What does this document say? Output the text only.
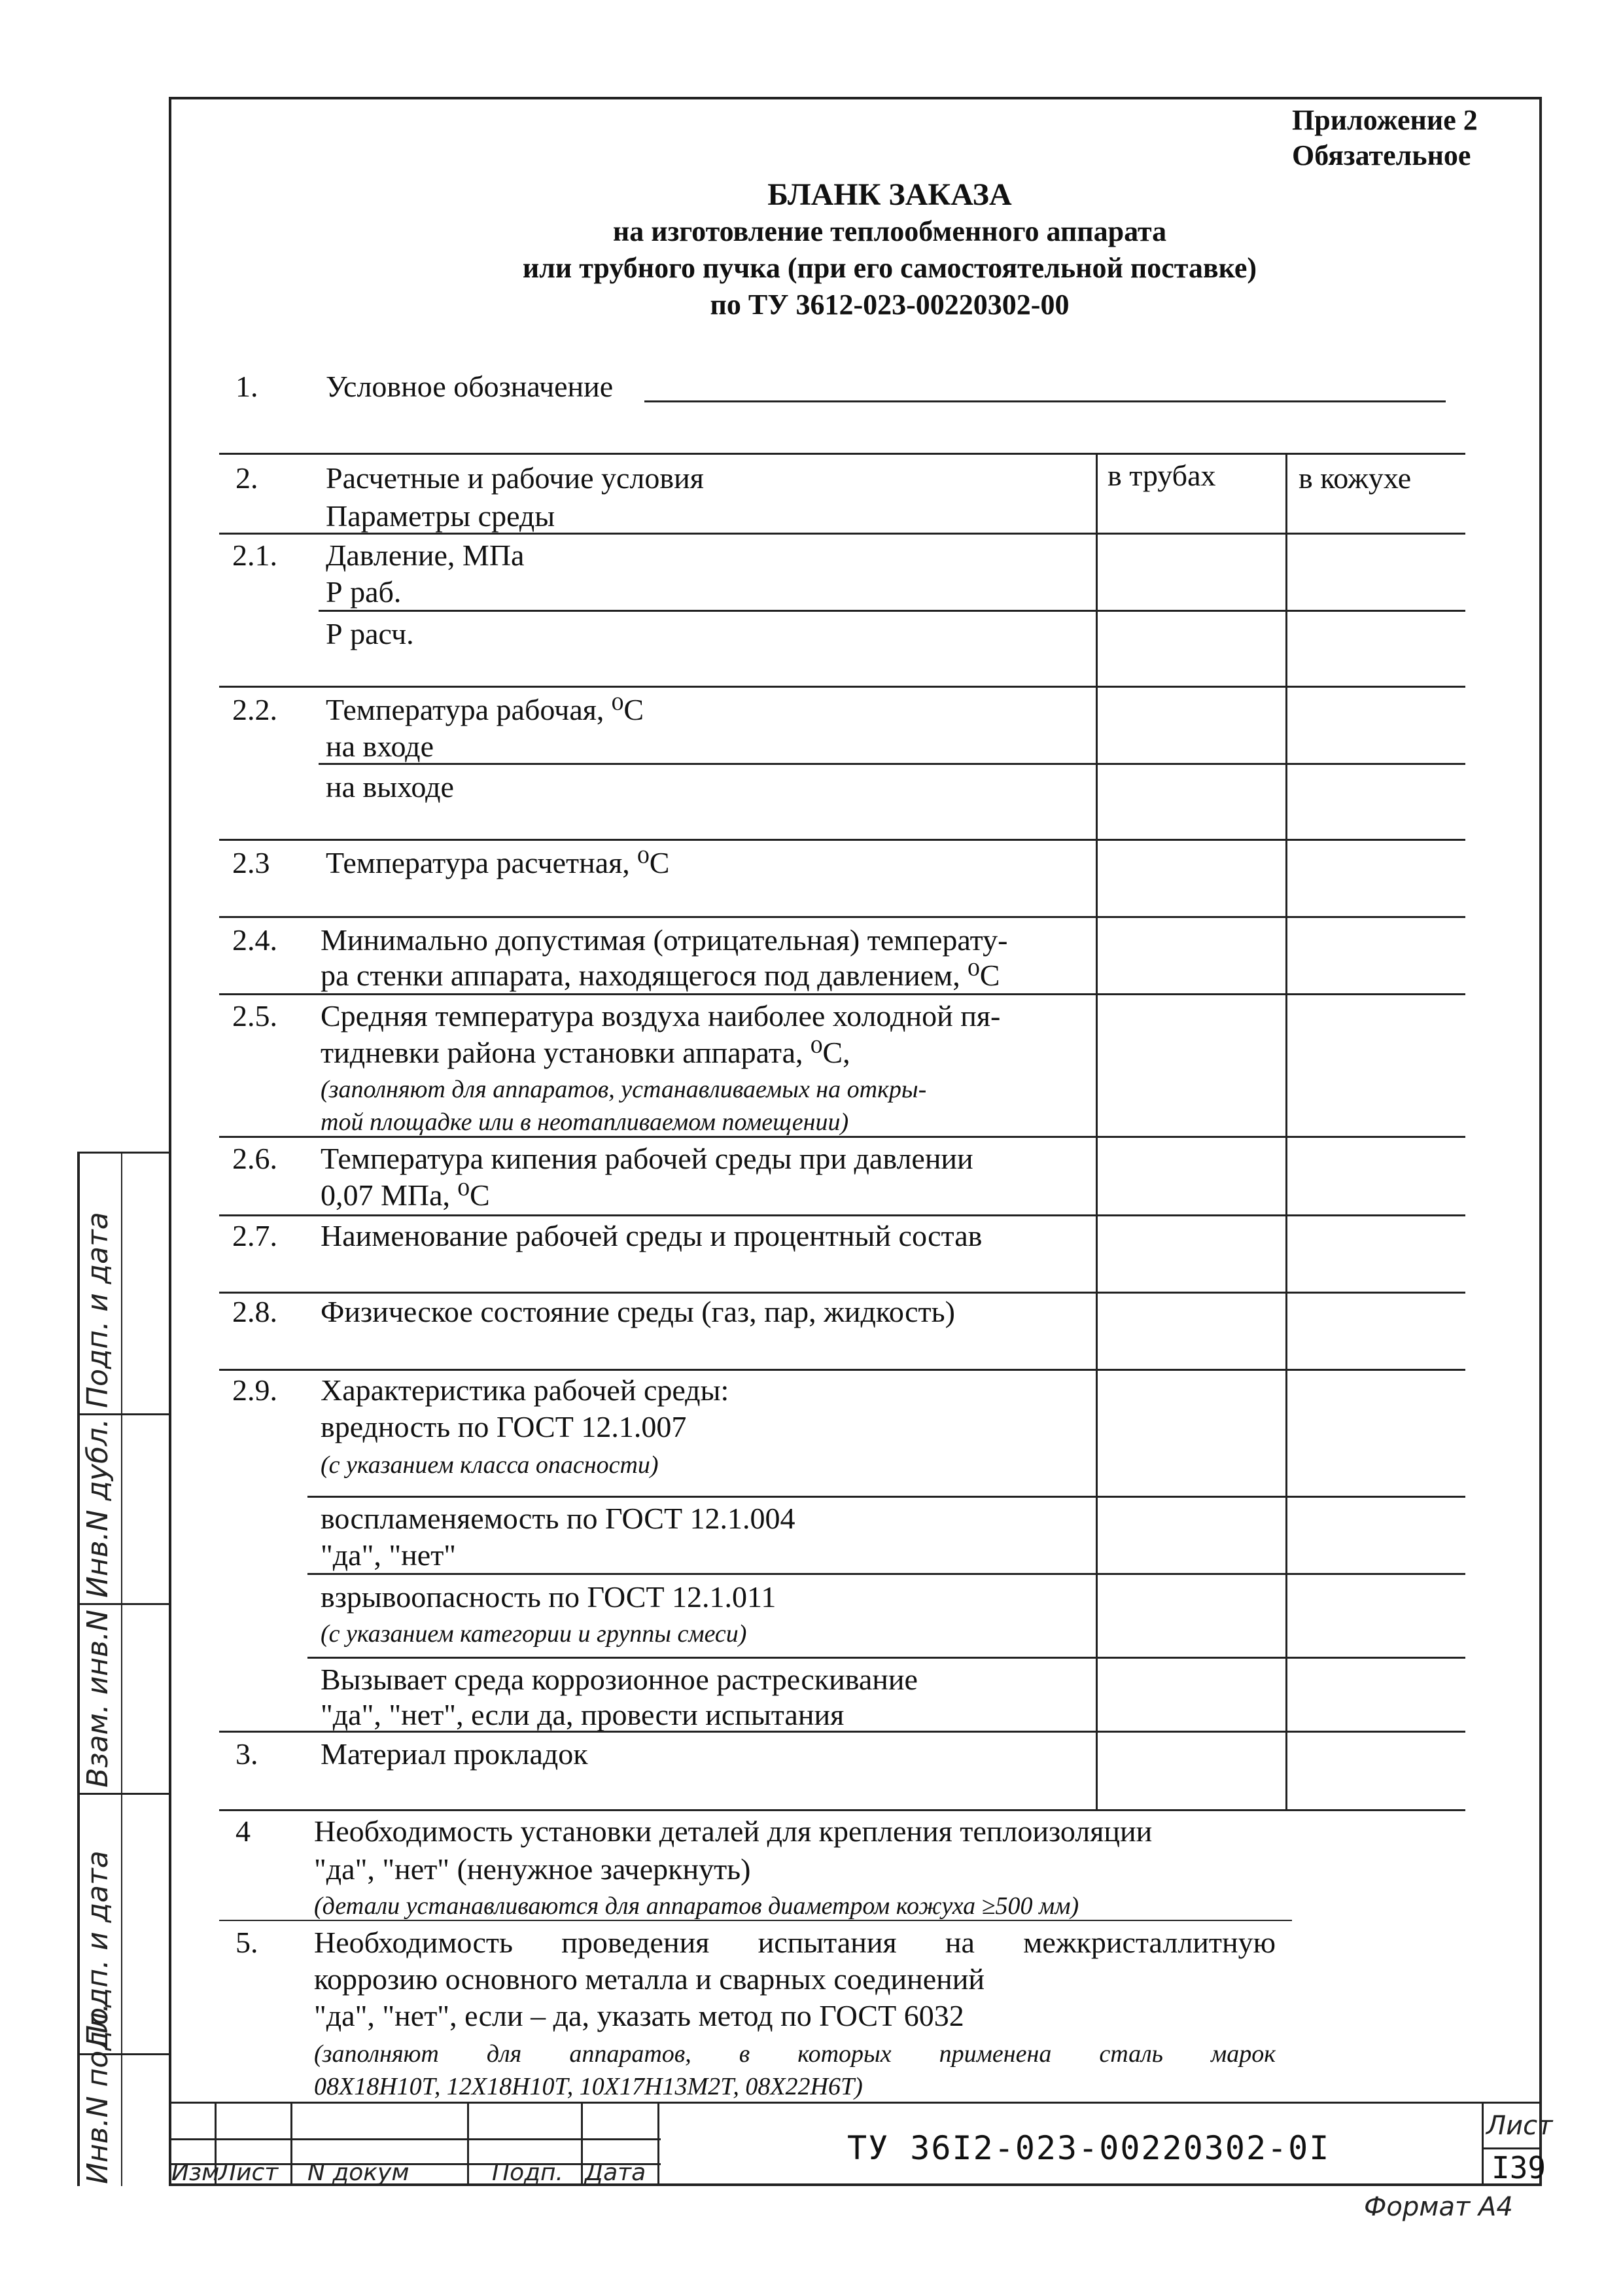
Приложение 2
Обязательное
БЛАНК ЗАКАЗА
на изготовление теплообменного аппарата
или трубного пучка (при его самостоятельной поставке)
по ТУ 3612-023-00220302-00
1. Условное обозначение
в трубах	в кожухе
2. Расчетные и рабочие условия
Параметры среды
2.1. Давление, МПа
Р раб.
Р расч.
2.2. Температура рабочая, ⁰С
на входе
на выходе
2.3 Температура расчетная, ⁰С
2.4. Минимально допустимая (отрицательная) температу-
ра стенки аппарата, находящегося под давлением, ⁰С
2.5. Средняя температура воздуха наиболее холодной пя-
тидневки района установки аппарата, ⁰С,
(заполняют для аппаратов, устанавливаемых на откры-
той площадке или в неотапливаемом помещении)
2.6. Температура кипения рабочей среды при давлении
0,07 МПа, ⁰С
2.7. Наименование рабочей среды и процентный состав
2.8. Физическое состояние среды (газ, пар, жидкость)
2.9. Характеристика рабочей среды:
вредность по ГОСТ 12.1.007
(с указанием класса опасности)
воспламеняемость по ГОСТ 12.1.004
"да", "нет"
взрывоопасность по ГОСТ 12.1.011
(с указанием категории и группы смеси)
Вызывает среда коррозионное растрескивание
"да", "нет", если да, провести испытания
3. Материал прокладок
4 Необходимость установки деталей для крепления теплоизоляции
"да", "нет" (ненужное зачеркнуть)
(детали устанавливаются для аппаратов диаметром кожуха ≥500 мм)
5. Необходимость проведения испытания на межкристаллитную
коррозию основного металла и сварных соединений
"да", "нет", если – да, указать метод по ГОСТ 6032
(заполняют для аппаратов, в которых применена сталь марок
08Х18Н10Т, 12Х18Н10Т, 10Х17Н13М2Т, 08Х22Н6Т)
Инв.N подл.
Подп. и дата
Взам. инв.N
Инв.N дубл.
Подп. и дата
Изм
Лист N докум	Подп. Дата
ТУ 36I2-023-00220302-0I
Лист
I39
Формат А4
